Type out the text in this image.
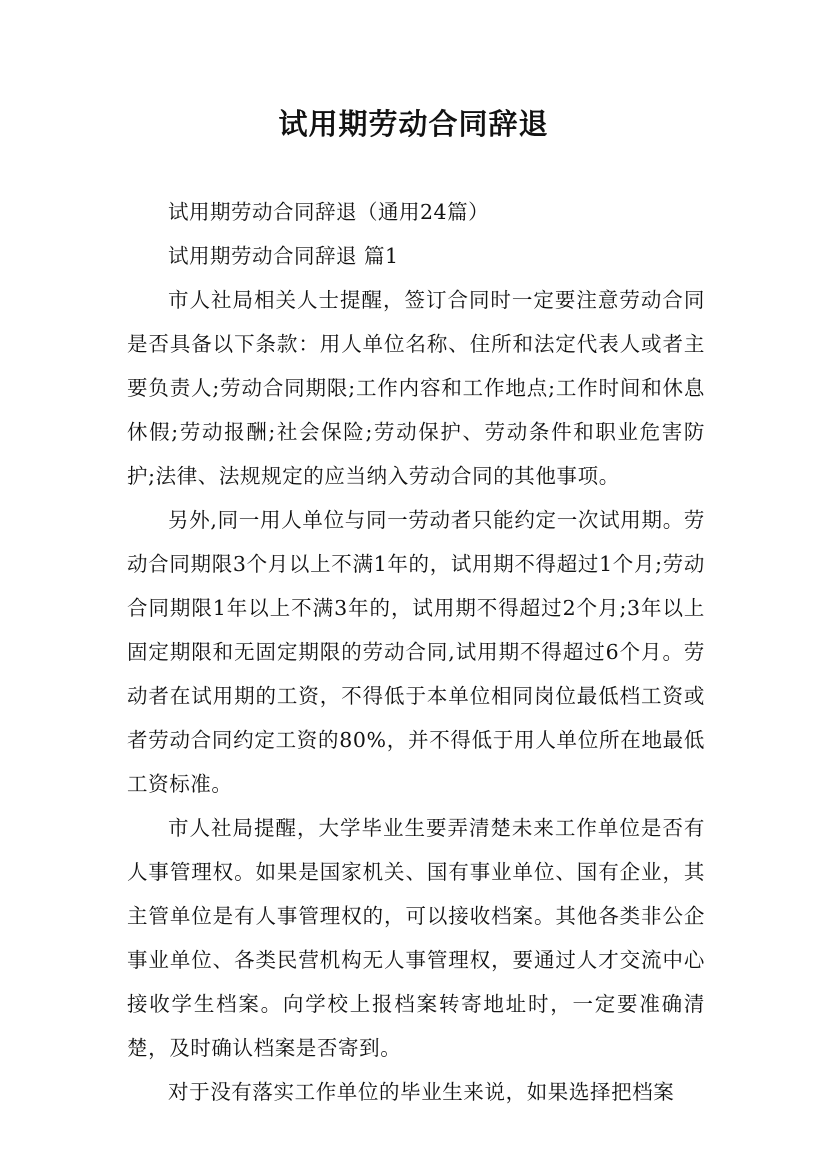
试用期劳动合同辞退

试用期劳动合同辞退（通用24篇）

试用期劳动合同辞退 篇1

市人社局相关人士提醒，签订合同时一定要注意劳动合同是否具备以下条款：用人单位名称、住所和法定代表人或者主要负责人;劳动合同期限;工作内容和工作地点;工作时间和休息休假;劳动报酬;社会保险;劳动保护、劳动条件和职业危害防护;法律、法规规定的应当纳入劳动合同的其他事项。

另外,同一用人单位与同一劳动者只能约定一次试用期。劳动合同期限3个月以上不满1年的，试用期不得超过1个月;劳动合同期限1年以上不满3年的，试用期不得超过2个月;3年以上固定期限和无固定期限的劳动合同,试用期不得超过6个月。劳动者在试用期的工资，不得低于本单位相同岗位最低档工资或者劳动合同约定工资的80%，并不得低于用人单位所在地最低工资标准。

市人社局提醒，大学毕业生要弄清楚未来工作单位是否有人事管理权。如果是国家机关、国有事业单位、国有企业，其主管单位是有人事管理权的，可以接收档案。其他各类非公企事业单位、各类民营机构无人事管理权，要通过人才交流中心接收学生档案。向学校上报档案转寄地址时，一定要准确清楚，及时确认档案是否寄到。

对于没有落实工作单位的毕业生来说，如果选择把档案
